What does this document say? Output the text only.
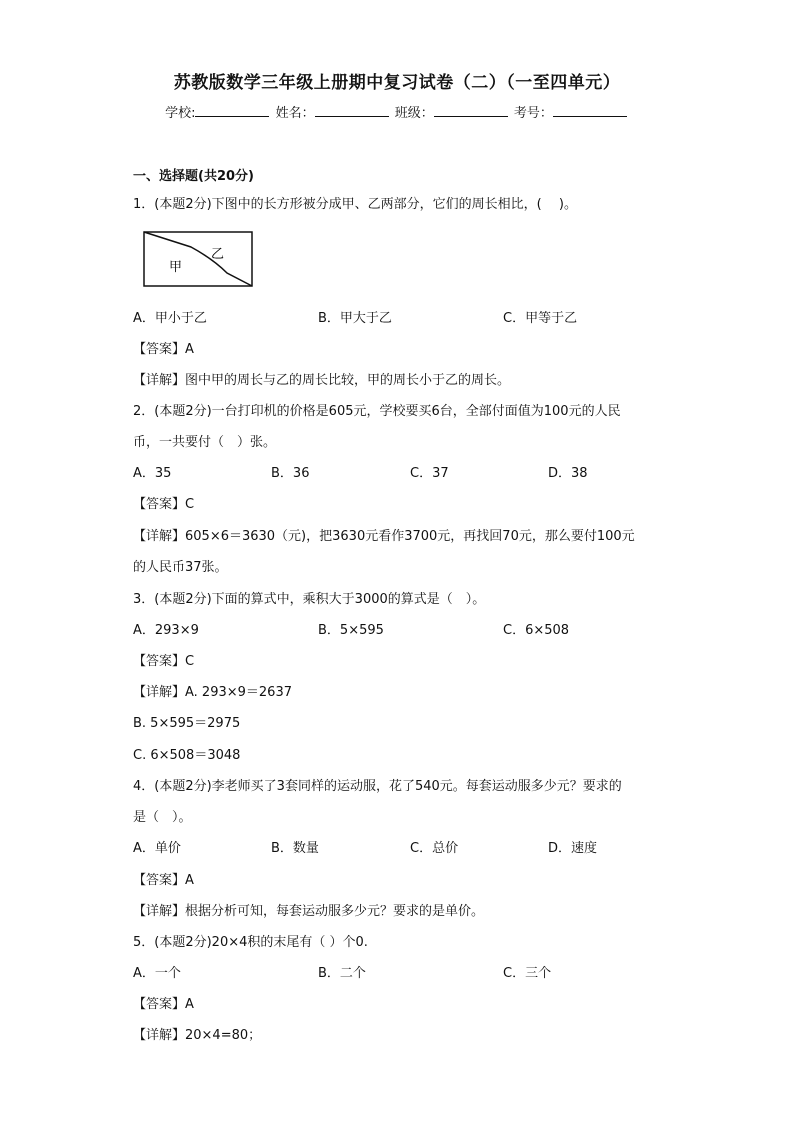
苏教版数学三年级上册期中复习试卷（二）（一至四单元）
学校:	姓名：	班级：	考号：
一、选择题(共20分)
1．(本题2分)下图中的长方形被分成甲、乙两部分，它们的周长相比，(　 )。
甲
乙
A．甲小于乙	B．甲大于乙	C．甲等于乙
【答案】A
【详解】图中甲的周长与乙的周长比较，甲的周长小于乙的周长。
2．(本题2分)一台打印机的价格是605元，学校要买6台，全部付面值为100元的人民
币，一共要付（　）张。
A．35	B．36	C．37	D．38
【答案】C
【详解】605×6＝3630（元)，把3630元看作3700元，再找回70元，那么要付100元
的人民币37张。
3．(本题2分)下面的算式中，乘积大于3000的算式是（　）。
A．293×9	B．5×595	C．6×508
【答案】C
【详解】A. 293×9＝2637
B. 5×595＝2975
C. 6×508＝3048
4．(本题2分)李老师买了3套同样的运动服，花了540元。每套运动服多少元？要求的
是（　）。
A．单价	B．数量	C．总价	D．速度
【答案】A
【详解】根据分析可知，每套运动服多少元？要求的是单价。
5．(本题2分)20×4积的末尾有（ ）个0.
A．一个	B．二个	C．三个
【答案】A
【详解】20×4=80；
